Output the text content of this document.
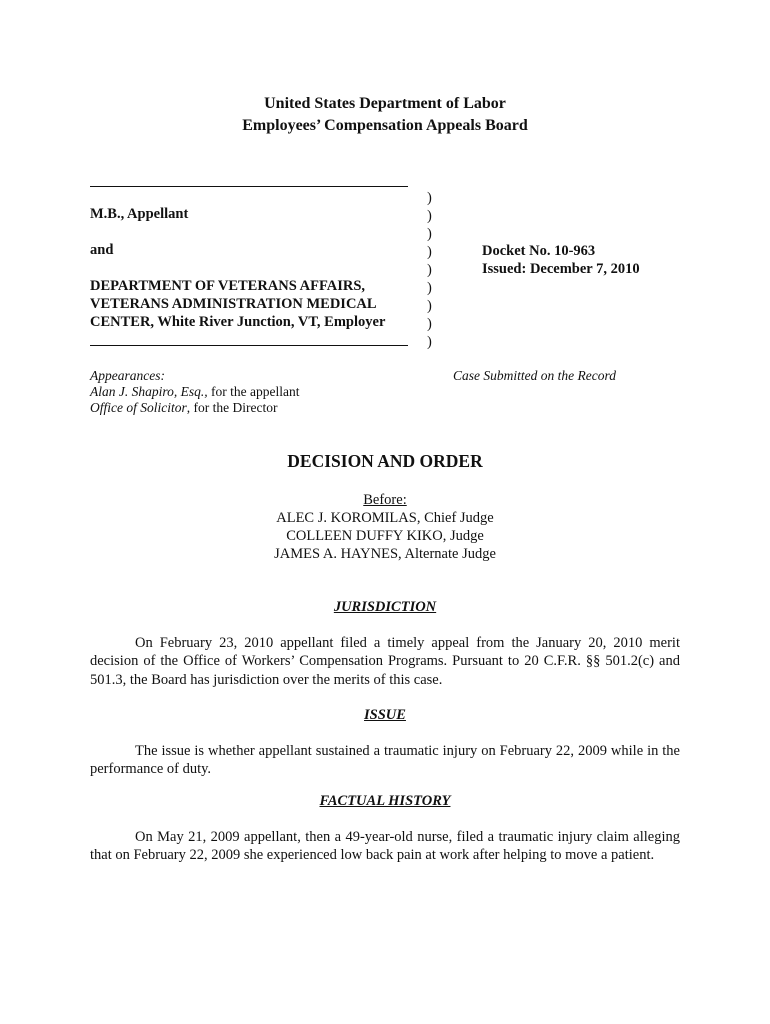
United States Department of Labor
Employees’ Compensation Appeals Board
M.B., Appellant
and
DEPARTMENT OF VETERANS AFFAIRS,
VETERANS ADMINISTRATION MEDICAL
CENTER, White River Junction, VT, Employer
)
)
)
)
)
)
)
)
)
Docket No. 10-963
Issued: December 7, 2010
Appearances:
Alan J. Shapiro, Esq., for the appellant
Office of Solicitor, for the Director
Case Submitted on the Record
DECISION AND ORDER
Before:
ALEC J. KOROMILAS, Chief Judge
COLLEEN DUFFY KIKO, Judge
JAMES A. HAYNES, Alternate Judge
JURISDICTION
On February 23, 2010 appellant filed a timely appeal from the January 20, 2010 merit decision of the Office of Workers’ Compensation Programs. Pursuant to 20 C.F.R. §§ 501.2(c) and 501.3, the Board has jurisdiction over the merits of this case.
ISSUE
The issue is whether appellant sustained a traumatic injury on February 22, 2009 while in the performance of duty.
FACTUAL HISTORY
On May 21, 2009 appellant, then a 49-year-old nurse, filed a traumatic injury claim alleging that on February 22, 2009 she experienced low back pain at work after helping to move a patient.
